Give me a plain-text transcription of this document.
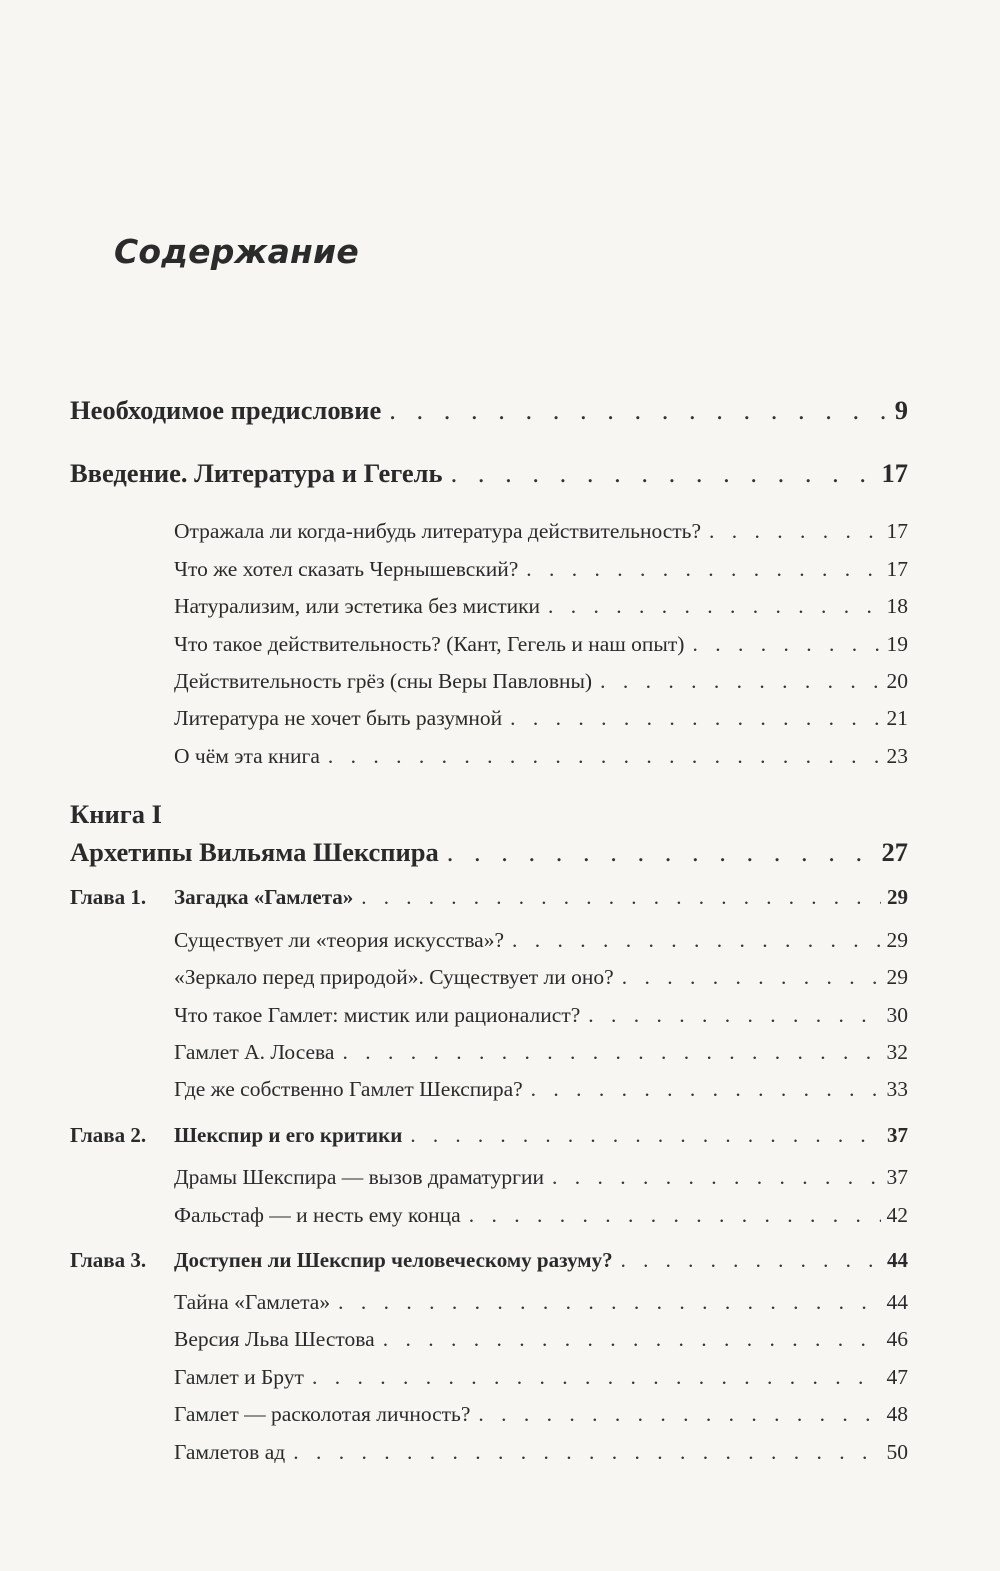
Содержание
Необходимое предисловие . . .	9
Введение. Литература и Гегель . . .	17
Отражала ли когда-нибудь литература действительность? . . .	17
Что же хотел сказать Чернышевский? . . .	17
Натурализим, или эстетика без мистики . . .	18
Что такое действительность? (Кант, Гегель и наш опыт) . . .	19
Действительность грёз (сны Веры Павловны) . . .	20
Литература не хочет быть разумной . . .	21
О чём эта книга . . .	23
Книга I
Архетипы Вильяма Шекспира . . .	27
Глава 1. Загадка «Гамлета» . . .	29
Существует ли «теория искусства»? . . .	29
«Зеркало перед природой». Существует ли оно? . . .	29
Что такое Гамлет: мистик или рационалист? . . .	30
Гамлет А. Лосева . . .	32
Где же собственно Гамлет Шекспира? . . .	33
Глава 2. Шекспир и его критики . . .	37
Драмы Шекспира — вызов драматургии . . .	37
Фальстаф — и несть ему конца . . .	42
Глава 3. Доступен ли Шекспир человеческому разуму? . . .	44
Тайна «Гамлета» . . .	44
Версия Льва Шестова . . .	46
Гамлет и Брут . . .	47
Гамлет — расколотая личность? . . .	48
Гамлетов ад . . .	50
